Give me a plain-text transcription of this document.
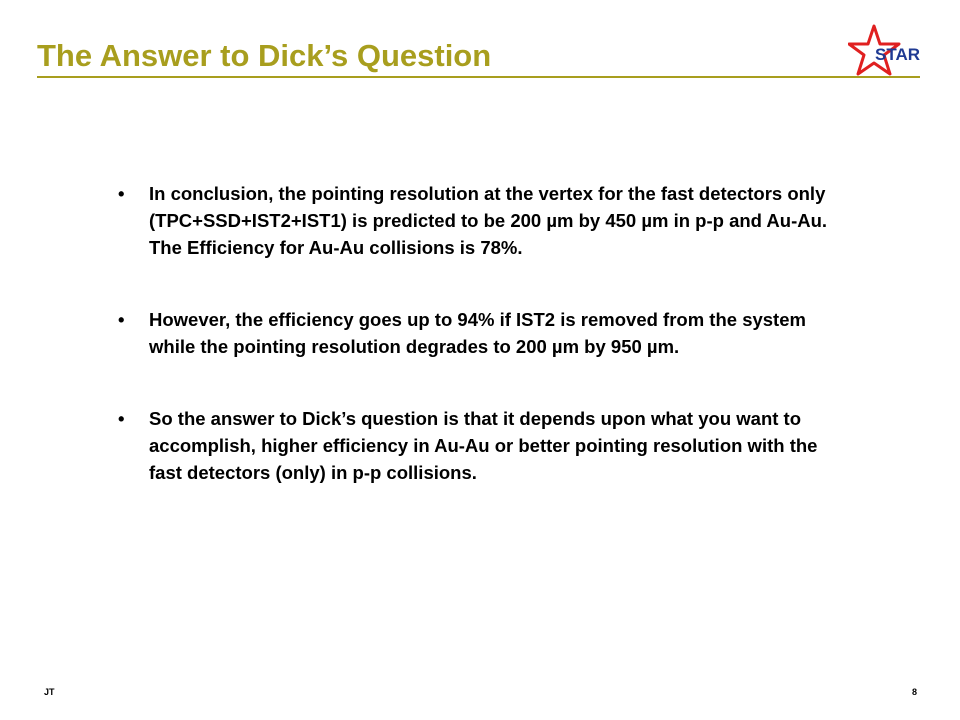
The Answer to Dick’s Question	STAR
• In conclusion, the pointing resolution at the vertex for the fast detectors only (TPC+SSD+IST2+IST1) is predicted to be 200 µm by 450 µm in p-p and Au-Au. The Efficiency for Au-Au collisions is 78%.
• However, the efficiency goes up to 94% if IST2 is removed from the system while the pointing resolution degrades to 200 µm by 950 µm.
• So the answer to Dick’s question is that it depends upon what you want to accomplish, higher efficiency in Au-Au or better pointing resolution with the fast detectors (only) in p-p collisions.
JT	8
